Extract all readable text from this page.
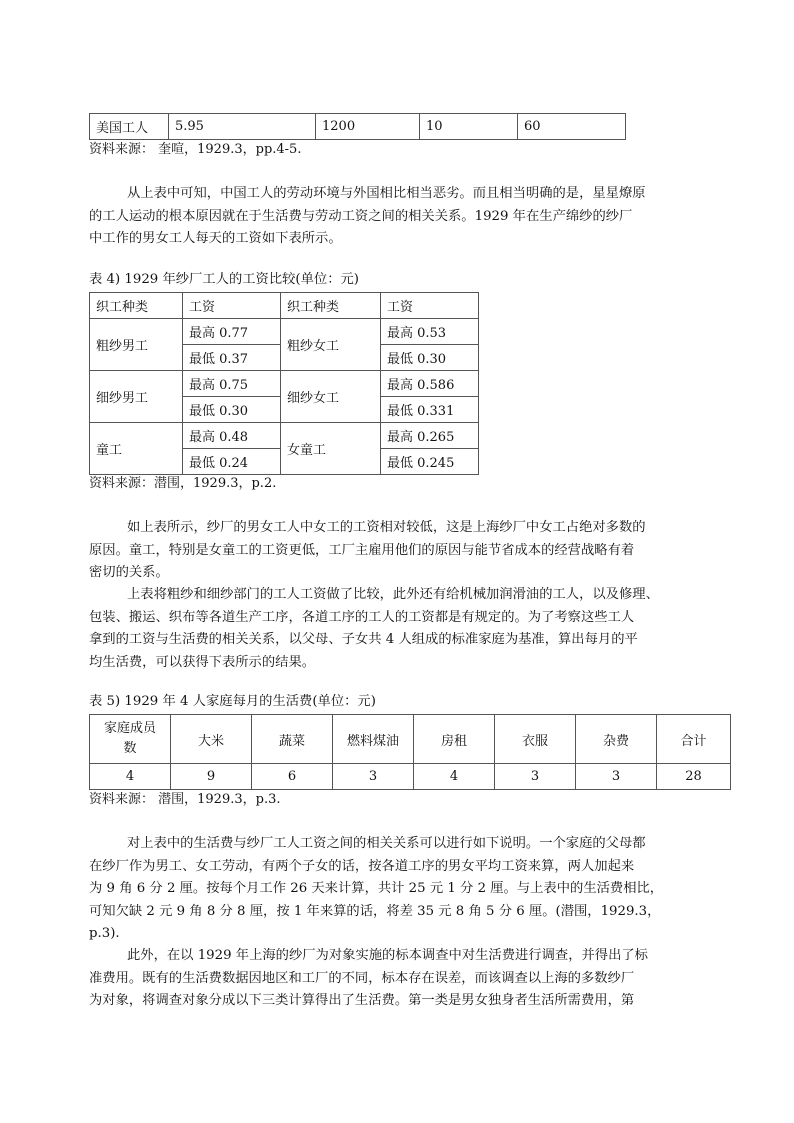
美国工人	5.95	1200	10	60
资料来源： 奎喧，1929.3，pp.4-5.
从上表中可知，中国工人的劳动环境与外国相比相当恶劣。而且相当明确的是，星星燎原
的工人运动的根本原因就在于生活费与劳动工资之间的相关关系。1929 年在生产绵纱的纱厂
中工作的男女工人每天的工资如下表所示。
表 4) 1929 年纱厂工人的工资比较(单位：元)
织工种类	工资	织工种类	工资
粗纱男工	最高 0.77	粗纱女工	最高 0.53
	最低 0.37		最低 0.30
细纱男工	最高 0.75	细纱女工	最高 0.586
	最低 0.30		最低 0.331
童工	最高 0.48	女童工	最高 0.265
	最低 0.24		最低 0.245
资料来源：潜围，1929.3，p.2.
如上表所示，纱厂的男女工人中女工的工资相对较低，这是上海纱厂中女工占绝对多数的
原因。童工，特别是女童工的工资更低，工厂主雇用他们的原因与能节省成本的经营战略有着
密切的关系。
上表将粗纱和细纱部门的工人工资做了比较，此外还有给机械加润滑油的工人，以及修理、
包装、搬运、织布等各道生产工序，各道工序的工人的工资都是有规定的。为了考察这些工人
拿到的工资与生活费的相关关系，以父母、子女共 4 人组成的标准家庭为基准，算出每月的平
均生活费，可以获得下表所示的结果。
表 5) 1929 年 4 人家庭每月的生活费(单位：元)
家庭成员
数	大米	蔬菜	燃料煤油	房租	衣服	杂费	合计
4	9	6	3	4	3	3	28
资料来源： 潜围，1929.3，p.3.
对上表中的生活费与纱厂工人工资之间的相关关系可以进行如下说明。一个家庭的父母都
在纱厂作为男工、女工劳动，有两个子女的话，按各道工序的男女平均工资来算，两人加起来
为 9 角 6 分 2 厘。按每个月工作 26 天来计算，共计 25 元 1 分 2 厘。与上表中的生活费相比，
可知欠缺 2 元 9 角 8 分 8 厘，按 1 年来算的话，将差 35 元 8 角 5 分 6 厘。(潜围，1929.3，
p.3).
此外，在以 1929 年上海的纱厂为对象实施的标本调查中对生活费进行调查，并得出了标
准费用。既有的生活费数据因地区和工厂的不同，标本存在误差，而该调查以上海的多数纱厂
为对象，将调查对象分成以下三类计算得出了生活费。第一类是男女独身者生活所需费用，第
